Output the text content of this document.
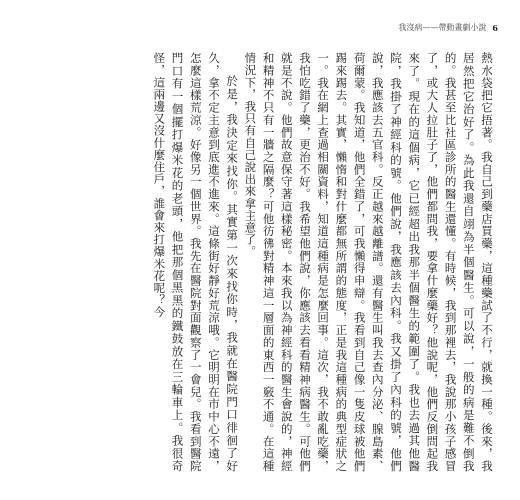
我沒病——帶動畫劇小說 6

熱水袋把它捂著。我自己到藥店買藥，這種藥試了不行，就換一種。後來，我居然把它治好了。為此我還自翊為半個醫生。可以說，一般的病是難不倒我的。我甚至比社區診所的醫生還懂。有時候，我到那裡去，我說那小孩子感冒了，或大人拉肚子了，他們都問我，要拿什麼藥好？他說呢，他們反倒問起我來了。現在的這個病，它已經超出我那半個醫生的範圍了。我也去過其他醫院，我掛了神經科的號。他們說，我應該去內科。我又掛了內科的號，他們說，我應該去五官科。反正越來越離譜。還有醫生叫我去查內分泌、腺島素、荷爾蒙。我知道，他們全錯了，可我懶得申辯。我看到自己像一隻皮球被他們踢來踢去。其實，懶惰和對什麼都無所謂的態度，正是我這種病的典型症狀之一。我在網上查過相關資料，知道這種病是怎麼回事。這次，我不敢亂吃藥，我怕吃錯了藥，更治不好。我希望他們說，你應該去看看精神病醫生。可他們就是不說。他們故意保守著這樣秘密。本來我以為神經科的醫生會說的，神經和精神不只有一牆之隔麼？可他彷彿對精神這一層面的東西一竅不通。在這種情況下，我只有自己說出來拿主意了。

於是，我決定來找你。其實第一次來找你時，我就在醫院門口徘徊了好久，拿不定主意到底進不進來。這條街好靜好荒涼哦。它明明在市中心不遠，怎麼這樣荒涼。好像另一個世界。我先在醫院對面觀察了一會兒。我看到醫院門口有一個擺打爆米花的老頭，他把那個黑黑的鐵鼓放在三輪車上。我很奇怪，這兩邊又沒什麼住戶，誰會來打爆米花呢？今
